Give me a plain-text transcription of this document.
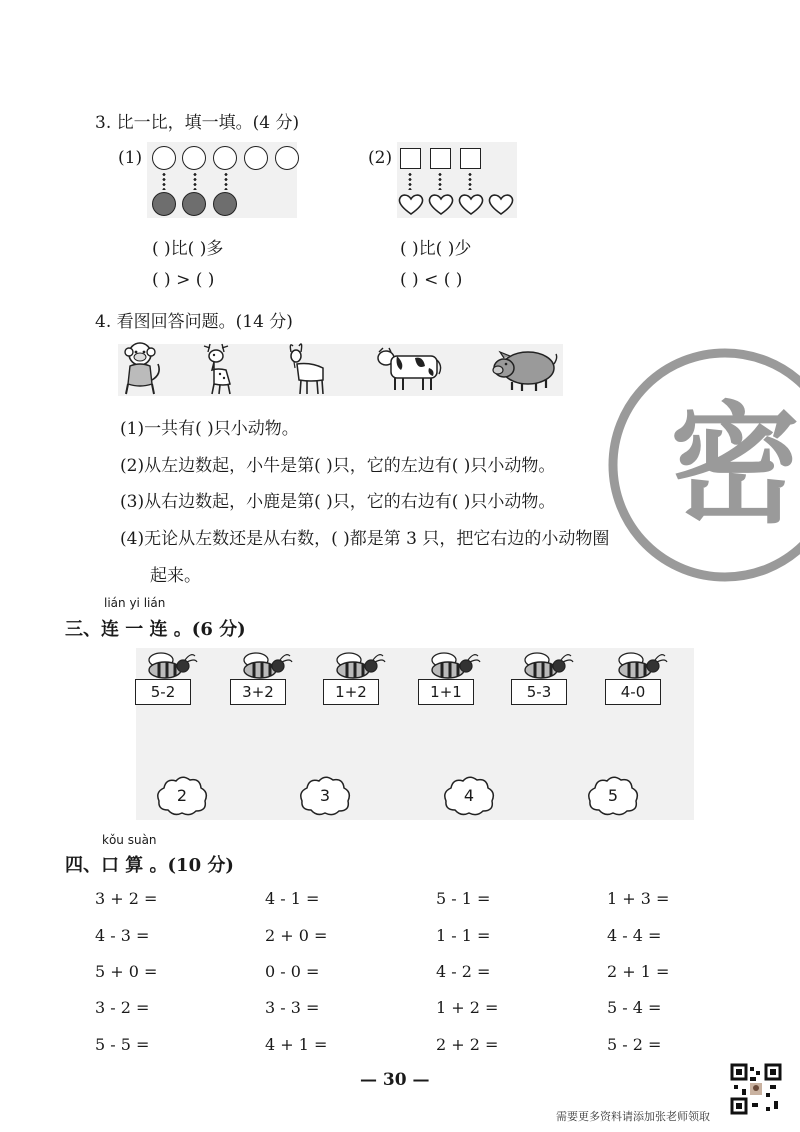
3. 比一比，填一填。(4 分)
(1)	(2)
( )比( )多
( ) > ( )
( )比( )少
( ) < ( )
4. 看图回答问题。(14 分)
(1)一共有( )只小动物。
(2)从左边数起，小牛是第( )只，它的左边有( )只小动物。
(3)从右边数起，小鹿是第( )只，它的右边有( )只小动物。
(4)无论从左数还是从右数，( )都是第 3 只，把它右边的小动物圈
起来。
密
lián yi lián
三、连 一 连 。(6 分)
5-2	3+2	1+2	1+1	5-3	4-0
2	3	4	5
kǒu suàn
四、口 算 。(10 分)
3 + 2 =	4 - 1 =	5 - 1 =	1 + 3 =
4 - 3 =	2 + 0 =	1 - 1 =	4 - 4 =
5 + 0 =	0 - 0 =	4 - 2 =	2 + 1 =
3 - 2 =	3 - 3 =	1 + 2 =	5 - 4 =
5 - 5 =	4 + 1 =	2 + 2 =	5 - 2 =
— 30 —
需要更多资料请添加张老师领取
